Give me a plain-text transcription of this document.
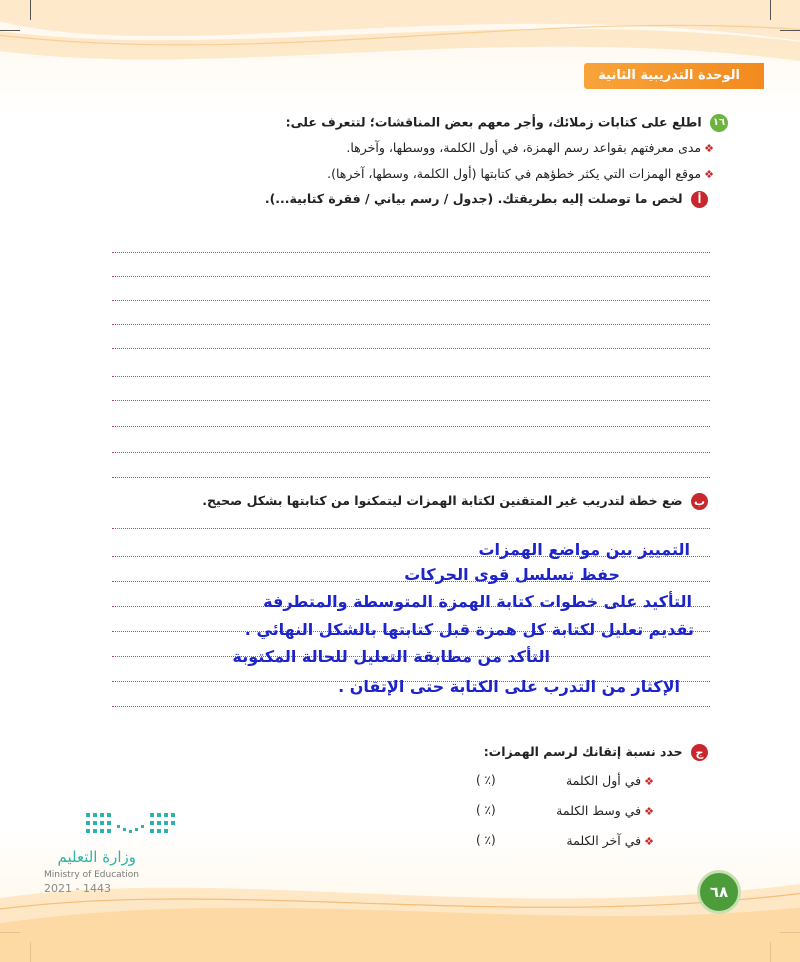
الوحدة التدريبية الثانية
١٦ اطلع على كتابات زملائك، وأجر معهم بعض المناقشات؛ لتتعرف على:
❖مدى معرفتهم بقواعد رسم الهمزة، في أول الكلمة، ووسطها، وآخرها.
❖موقع الهمزات التي يكثر خطؤهم في كتابتها (أول الكلمة، وسطها، آخرها).
أ لخص ما توصلت إليه بطريقتك. (جدول / رسم بياني / فقرة كتابية...).
ب ضع خطة لتدريب غير المتقنين لكتابة الهمزات ليتمكنوا من كتابتها بشكل صحيح.
التمييز بين مواضع الهمزات
حفظ تسلسل قوى الحركات
التأكيد على خطوات كتابة الهمزة المتوسطة والمتطرفة
تقديم تعليل لكتابة كل همزة قبل كتابتها بالشكل النهائي .
التأكد من مطابقة التعليل للحالة المكتوبة
الإكثار من التدرب على الكتابة حتى الإتقان .
ج حدد نسبة إتقانك لرسم الهمزات:
❖في أول الكلمة
( ٪)
❖في وسط الكلمة
( ٪)
❖في آخر الكلمة
( ٪)
وزارة التعليم
Ministry of Education
2021 - 1443	٦٨
